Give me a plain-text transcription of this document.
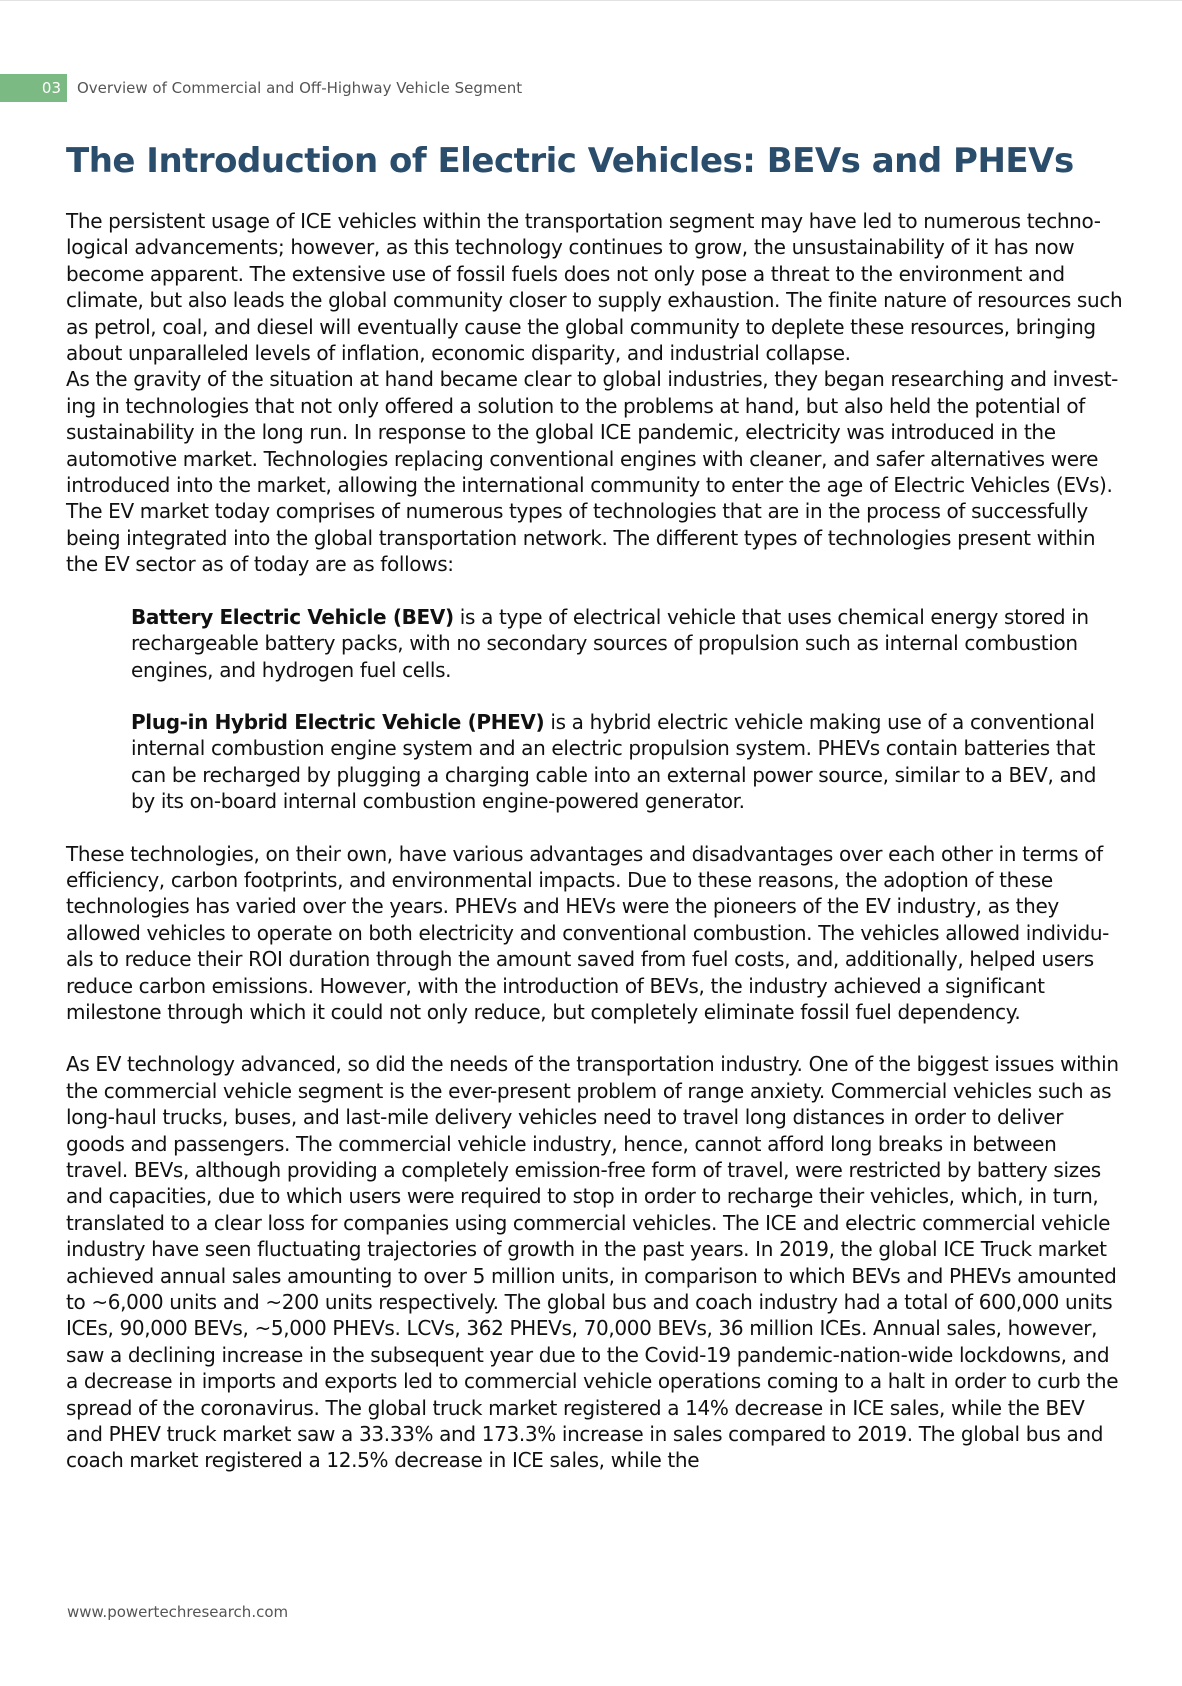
03	Overview of Commercial and Off-Highway Vehicle Segment
The Introduction of Electric Vehicles: BEVs and PHEVs

The persistent usage of ICE vehicles within the transportation segment may have led to numerous techno-logical advancements; however, as this technology continues to grow, the unsustainability of it has now become apparent. The extensive use of fossil fuels does not only pose a threat to the environment and climate, but also leads the global community closer to supply exhaustion. The finite nature of resources such as petrol, coal, and diesel will eventually cause the global community to deplete these resources, bringing about unparalleled levels of inflation, economic disparity, and industrial collapse.

As the gravity of the situation at hand became clear to global industries, they began researching and invest-ing in technologies that not only offered a solution to the problems at hand, but also held the potential of sustainability in the long run. In response to the global ICE pandemic, electricity was introduced in the automotive market. Technologies replacing conventional engines with cleaner, and safer alternatives were introduced into the market, allowing the international community to enter the age of Electric Vehicles (EVs).

The EV market today comprises of numerous types of technologies that are in the process of successfully being integrated into the global transportation network. The different types of technologies present within the EV sector as of today are as follows:

Battery Electric Vehicle (BEV) is a type of electrical vehicle that uses chemical energy stored in rechargeable battery packs, with no secondary sources of propulsion such as internal combustion engines, and hydrogen fuel cells.

Plug-in Hybrid Electric Vehicle (PHEV) is a hybrid electric vehicle making use of a conventional internal combustion engine system and an electric propulsion system. PHEVs contain batteries that can be recharged by plugging a charging cable into an external power source, similar to a BEV, and by its on-board internal combustion engine-powered generator.

These technologies, on their own, have various advantages and disadvantages over each other in terms of efficiency, carbon footprints, and environmental impacts. Due to these reasons, the adoption of these technologies has varied over the years. PHEVs and HEVs were the pioneers of the EV industry, as they allowed vehicles to operate on both electricity and conventional combustion. The vehicles allowed individu-als to reduce their ROI duration through the amount saved from fuel costs, and, additionally, helped users reduce carbon emissions. However, with the introduction of BEVs, the industry achieved a significant milestone through which it could not only reduce, but completely eliminate fossil fuel dependency.

As EV technology advanced, so did the needs of the transportation industry. One of the biggest issues within the commercial vehicle segment is the ever-present problem of range anxiety. Commercial vehicles such as long-haul trucks, buses, and last-mile delivery vehicles need to travel long distances in order to deliver goods and passengers. The commercial vehicle industry, hence, cannot afford long breaks in between travel. BEVs, although providing a completely emission-free form of travel, were restricted by battery sizes and capacities, due to which users were required to stop in order to recharge their vehicles, which, in turn, translated to a clear loss for companies using commercial vehicles. The ICE and electric commercial vehicle industry have seen fluctuating trajectories of growth in the past years. In 2019, the global ICE Truck market achieved annual sales amounting to over 5 million units, in comparison to which BEVs and PHEVs amounted to ~6,000 units and ~200 units respectively. The global bus and coach industry had a total of 600,000 units ICEs, 90,000 BEVs, ~5,000 PHEVs. LCVs, 362 PHEVs, 70,000 BEVs, 36 million ICEs. Annual sales, however, saw a declining increase in the subsequent year due to the Covid-19 pandemic-nation-wide lockdowns, and a decrease in imports and exports led to commercial vehicle operations coming to a halt in order to curb the spread of the coronavirus. The global truck market registered a 14% decrease in ICE sales, while the BEV and PHEV truck market saw a 33.33% and 173.3% increase in sales compared to 2019. The global bus and coach market registered a 12.5% decrease in ICE sales, while the

www.powertechresearch.com
